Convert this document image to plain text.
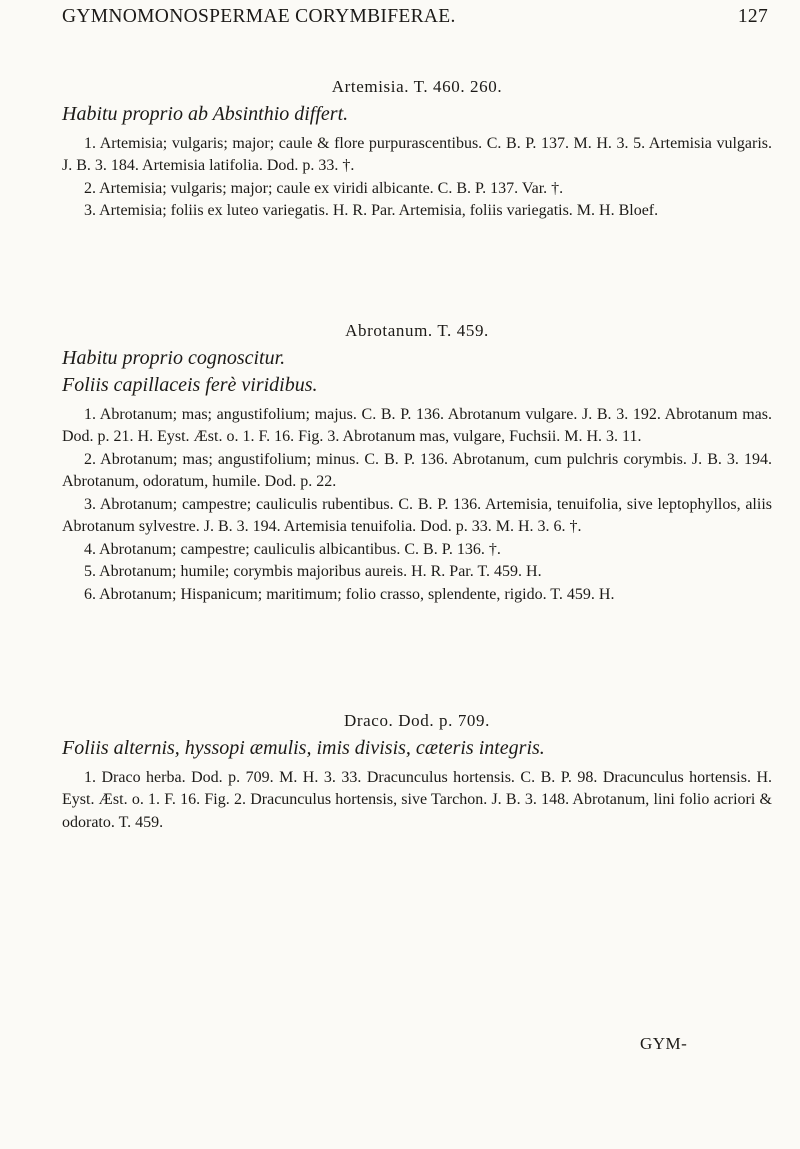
GYMNOMONOSPERMAE CORYMBIFERAE.	127
Artemisia. T. 460. 260.
Habitu proprio ab Absinthio differt.

1. Artemisia; vulgaris; major; caule & flore purpurascentibus. C. B. P. 137. M. H. 3. 5. Artemisia vulgaris. J. B. 3. 184. Artemisia latifolia. Dod. p. 33. †.

2. Artemisia; vulgaris; major; caule ex viridi albicante. C. B. P. 137. Var. †.

3. Artemisia; foliis ex luteo variegatis. H. R. Par. Artemisia, foliis variegatis. M. H. Bloef.

Abrotanum. T. 459.
Habitu proprio cognoscitur.
Foliis capillaceis ferè viridibus.

1. Abrotanum; mas; angustifolium; majus. C. B. P. 136. Abrotanum vulgare. J. B. 3. 192. Abrotanum mas. Dod. p. 21. H. Eyst. Æst. o. 1. F. 16. Fig. 3. Abrotanum mas, vulgare, Fuchsii. M. H. 3. 11.

2. Abrotanum; mas; angustifolium; minus. C. B. P. 136. Abrotanum, cum pulchris corymbis. J. B. 3. 194. Abrotanum, odoratum, humile. Dod. p. 22.

3. Abrotanum; campestre; cauliculis rubentibus. C. B. P. 136. Artemisia, tenuifolia, sive leptophyllos, aliis Abrotanum sylvestre. J. B. 3. 194. Artemisia tenuifolia. Dod. p. 33. M. H. 3. 6. †.

4. Abrotanum; campestre; cauliculis albicantibus. C. B. P. 136. †.

5. Abrotanum; humile; corymbis majoribus aureis. H. R. Par. T. 459. H.

6. Abrotanum; Hispanicum; maritimum; folio crasso, splendente, rigido. T. 459. H.

Draco. Dod. p. 709.
Foliis alternis, hyssopi æmulis, imis divisis, cæteris integris.

1. Draco herba. Dod. p. 709. M. H. 3. 33. Dracunculus hortensis. C. B. P. 98. Dracunculus hortensis. H. Eyst. Æst. o. 1. F. 16. Fig. 2. Dracunculus hortensis, sive Tarchon. J. B. 3. 148. Abrotanum, lini folio acriori & odorato. T. 459.

GYM-
